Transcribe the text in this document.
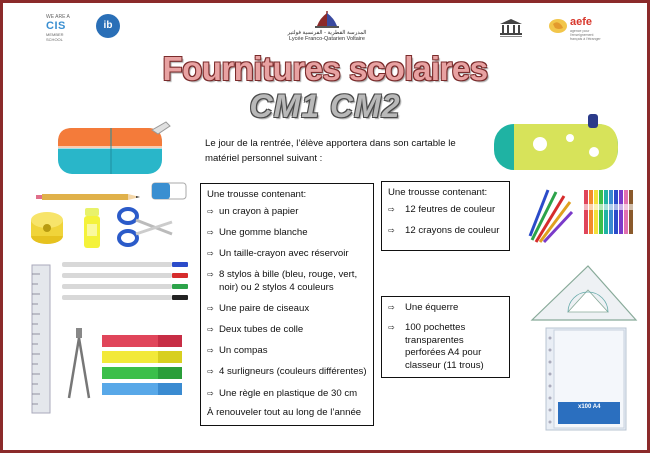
WE ARE A
CIS
MEMBER SCHOOL
ib
المدرسة القطرية - الفرنسية فولتير
Lycée Franco-Qatarien Voltaire
aefe
agence pour l'enseignement français à l'étranger
Fournitures scolaires
CM1 CM2
Le jour de la rentrée, l’élève apportera dans son cartable le matériel personnel suivant :
Une trousse contenant:
⇨ un crayon à papier
⇨ Une gomme blanche
⇨ Un taille-crayon avec réservoir
⇨ 8 stylos à bille (bleu, rouge, vert, noir) ou 2 stylos 4 couleurs
⇨ Une paire de ciseaux
⇨ Deux tubes de colle
⇨ Un compas
⇨ 4 surligneurs (couleurs différentes)
⇨ Une règle en plastique de 30 cm
À renouveler tout au long de l’année
Une trousse contenant:
⇨	12 feutres de couleur
⇨	12 crayons de couleur
⇨	Une équerre
⇨	100 pochettes transparentes perforées A4 pour classeur (11 trous)
x100 A4
